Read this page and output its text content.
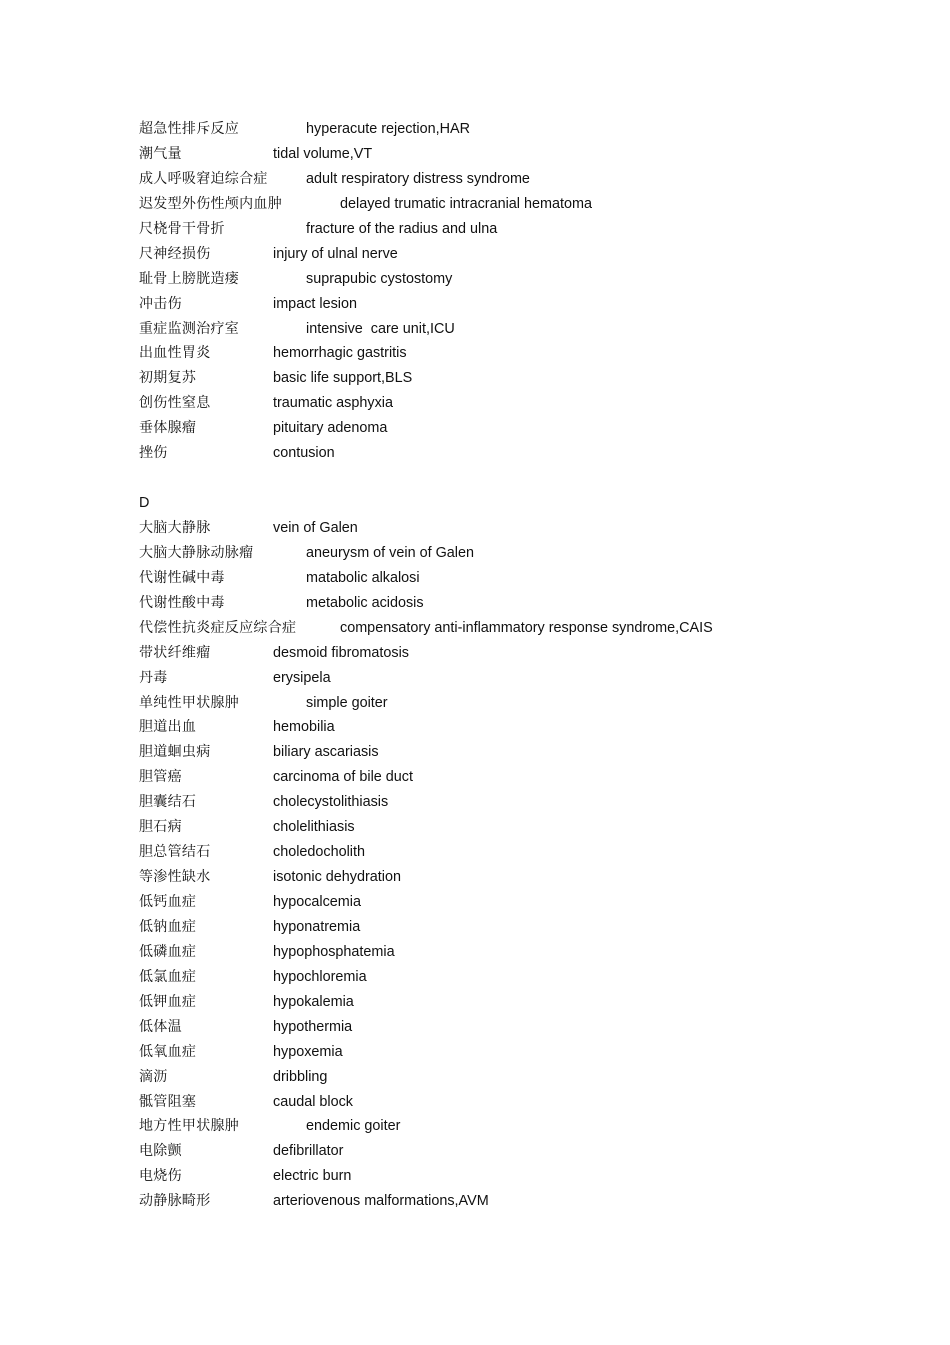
超急性排斥反应	hyperacute rejection,HAR
潮气量	tidal volume,VT
成人呼吸窘迫综合症	adult respiratory distress syndrome
迟发型外伤性颅内血肿	delayed trumatic intracranial hematoma
尺桡骨干骨折	fracture of the radius and ulna
尺神经损伤	injury of ulnal nerve
耻骨上膀胱造瘘	suprapubic cystostomy
冲击伤	impact lesion
重症监测治疗室	intensive  care unit,ICU
出血性胃炎	hemorrhagic gastritis
初期复苏	basic life support,BLS
创伤性窒息	traumatic asphyxia
垂体腺瘤	pituitary adenoma
挫伤	contusion
D
大脑大静脉	vein of Galen
大脑大静脉动脉瘤	aneurysm of vein of Galen
代谢性碱中毒	matabolic alkalosi
代谢性酸中毒	metabolic acidosis
代偿性抗炎症反应综合症	compensatory anti-inflammatory response syndrome,CAIS
带状纤维瘤	desmoid fibromatosis
丹毒	erysipela
单纯性甲状腺肿	simple goiter
胆道出血	hemobilia
胆道蛔虫病	biliary ascariasis
胆管癌	carcinoma of bile duct
胆囊结石	cholecystolithiasis
胆石病	cholelithiasis
胆总管结石	choledocholith
等渗性缺水	isotonic dehydration
低钙血症	hypocalcemia
低钠血症	hyponatremia
低磷血症	hypophosphatemia
低氯血症	hypochloremia
低钾血症	hypokalemia
低体温	hypothermia
低氧血症	hypoxemia
滴沥	dribbling
骶管阻塞	caudal block
地方性甲状腺肿	endemic goiter
电除颤	defibrillator
电烧伤	electric burn
动静脉畸形	arteriovenous malformations,AVM
